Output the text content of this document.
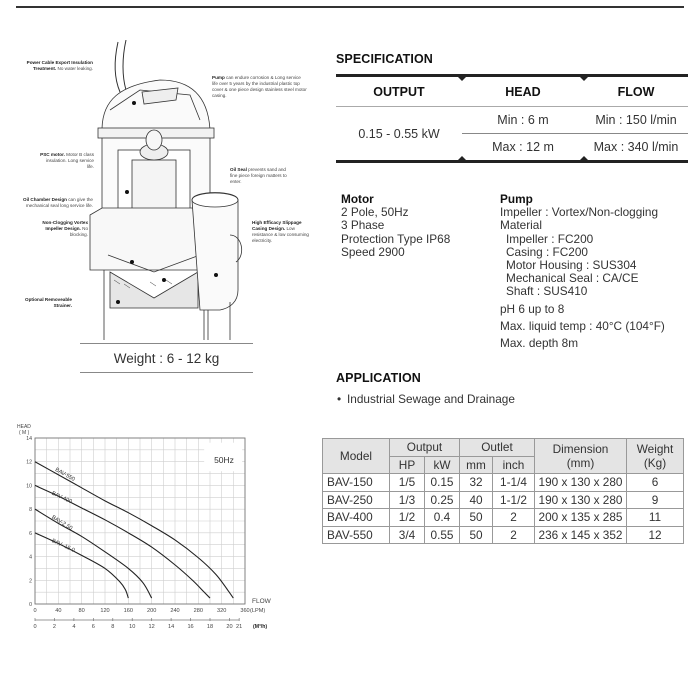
Power Cable Export Insulation Treatment. No water leaking.
Pump can endure corrosion & Long service life over 5 years by the industrial plastic top cover & one piece design stainless steel motor casing.
PSC motor. Motor B class insulation. Long service life.
Oil Seal prevents sand and fine piece foreign matters to enter.
Oil Chamber Design can give the mechanical seal long service life.
Non-Clogging Vortex Impeller Design. No blocking.
High Efficacy Slippage Casing Design. Low resistance & low consuming electricity.
Optional Removeable Strainer.
Weight : 6 - 12 kg
SPECIFICATION
OUTPUT	HEAD	FLOW
0.15 - 0.55 kW
Min : 6 m	Min : 150 l/min
Max : 12 m	Max : 340 l/min
Motor
2 Pole, 50Hz
3 Phase
Protection Type IP68
Speed 2900
Pump
Impeller : Vortex/Non-clogging
Material
Impeller : FC200
Casing : FC200
Motor Housing : SUS304
Mechanical Seal : CA/CE
Shaft : SUS410
pH 6 up to 8
Max. liquid temp : 40°C (104°F)
Max. depth 8m
APPLICATION
• Industrial Sewage and Drainage
Model	Output		Outlet		Dimension
(mm)	Weight
(Kg)
	HP	kW	mm	inch		
BAV-150	1/5	0.15	32	1-1/4	190 x 130 x 280	6
BAV-250	1/3	0.25	40	1-1/2	190 x 130 x 280	9
BAV-400	1/2	0.4	50	2	200 x 135 x 285	11
BAV-550	3/4	0.55	50	2	236 x 145 x 352	12
50Hz
0
2
4
6
8
10
12
14
HEAD
( M )
0	40	80	120 160 200 240 280 320 360
FLOW
(LPM)
0	2	4	6	8	10 12 14 16 18 20 21 (M³/h)
BAV-550
BAV-400
BAV-2 50
BAV- 15 0
